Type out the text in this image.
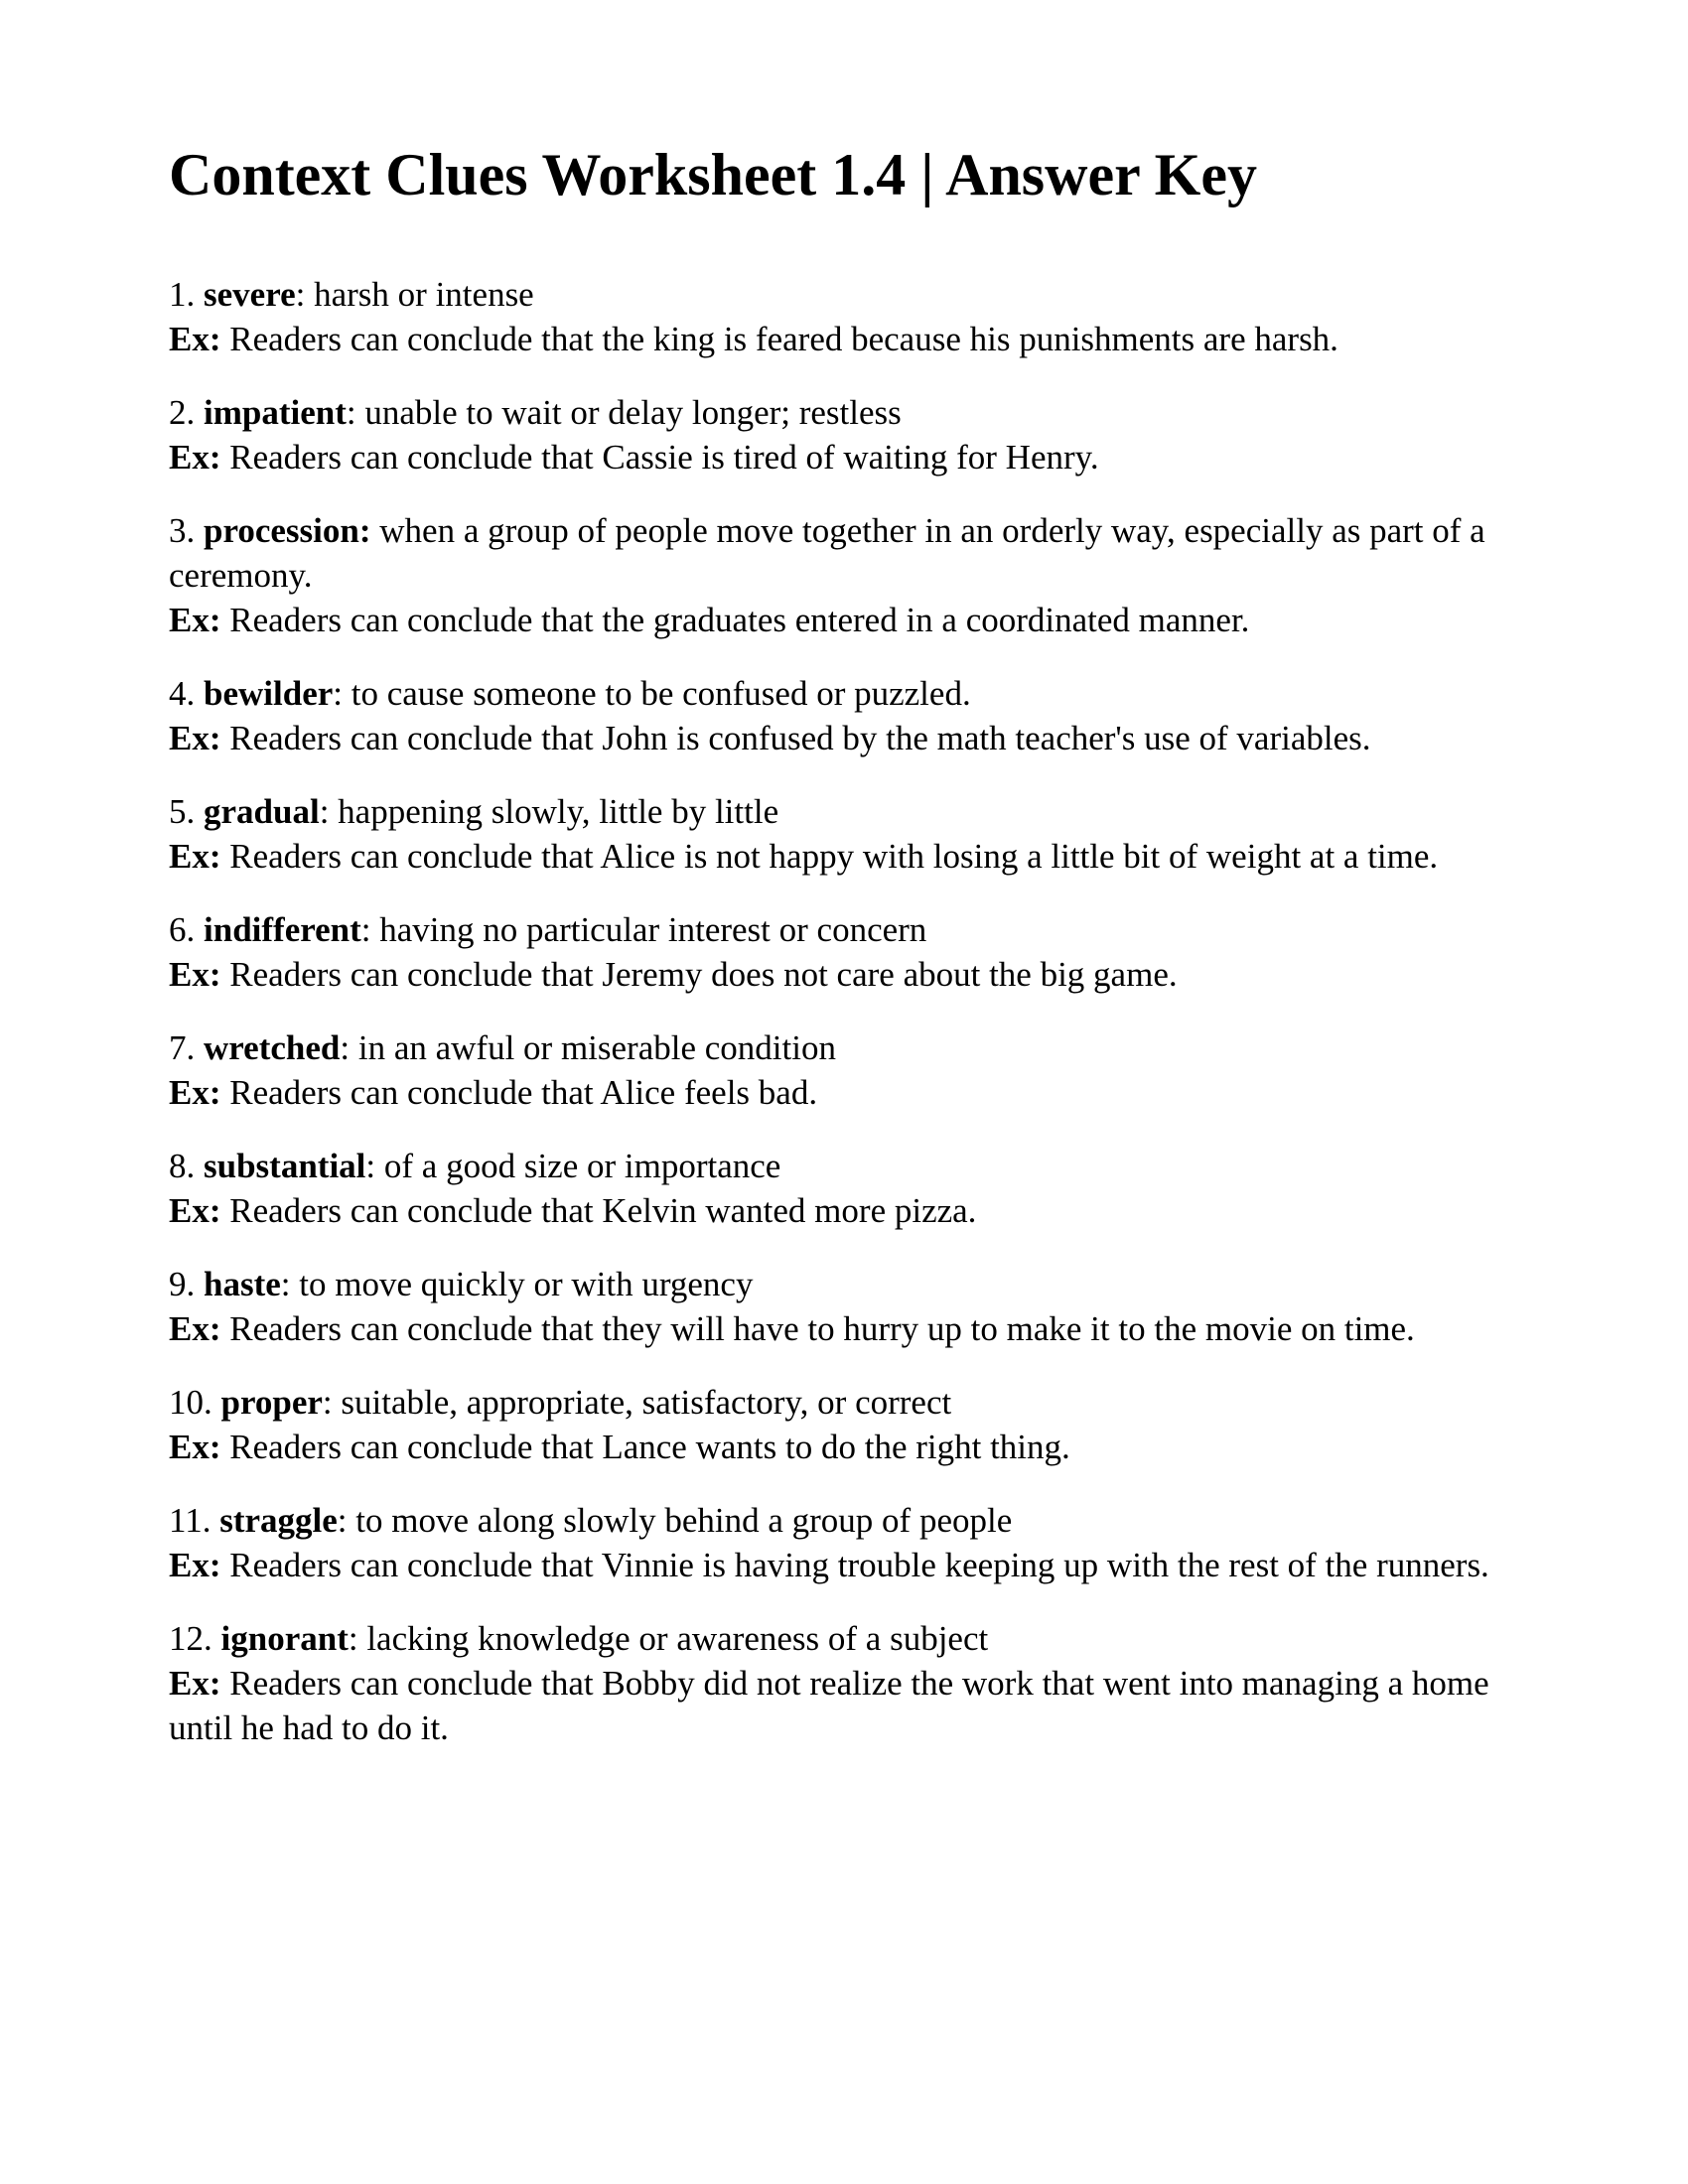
Context Clues Worksheet 1.4 | Answer Key

1. severe: harsh or intense
Ex: Readers can conclude that the king is feared because his punishments are harsh.

2. impatient: unable to wait or delay longer; restless
Ex: Readers can conclude that Cassie is tired of waiting for Henry.

3. procession: when a group of people move together in an orderly way, especially as part of a ceremony.
Ex: Readers can conclude that the graduates entered in a coordinated manner.

4. bewilder: to cause someone to be confused or puzzled.
Ex: Readers can conclude that John is confused by the math teacher's use of variables.

5. gradual: happening slowly, little by little
Ex: Readers can conclude that Alice is not happy with losing a little bit of weight at a time.

6. indifferent: having no particular interest or concern
Ex: Readers can conclude that Jeremy does not care about the big game.

7. wretched: in an awful or miserable condition
Ex: Readers can conclude that Alice feels bad.

8. substantial: of a good size or importance
Ex: Readers can conclude that Kelvin wanted more pizza.

9. haste: to move quickly or with urgency
Ex: Readers can conclude that they will have to hurry up to make it to the movie on time.

10. proper: suitable, appropriate, satisfactory, or correct
Ex: Readers can conclude that Lance wants to do the right thing.

11. straggle: to move along slowly behind a group of people
Ex: Readers can conclude that Vinnie is having trouble keeping up with the rest of the runners.

12. ignorant: lacking knowledge or awareness of a subject
Ex: Readers can conclude that Bobby did not realize the work that went into managing a home until he had to do it.
